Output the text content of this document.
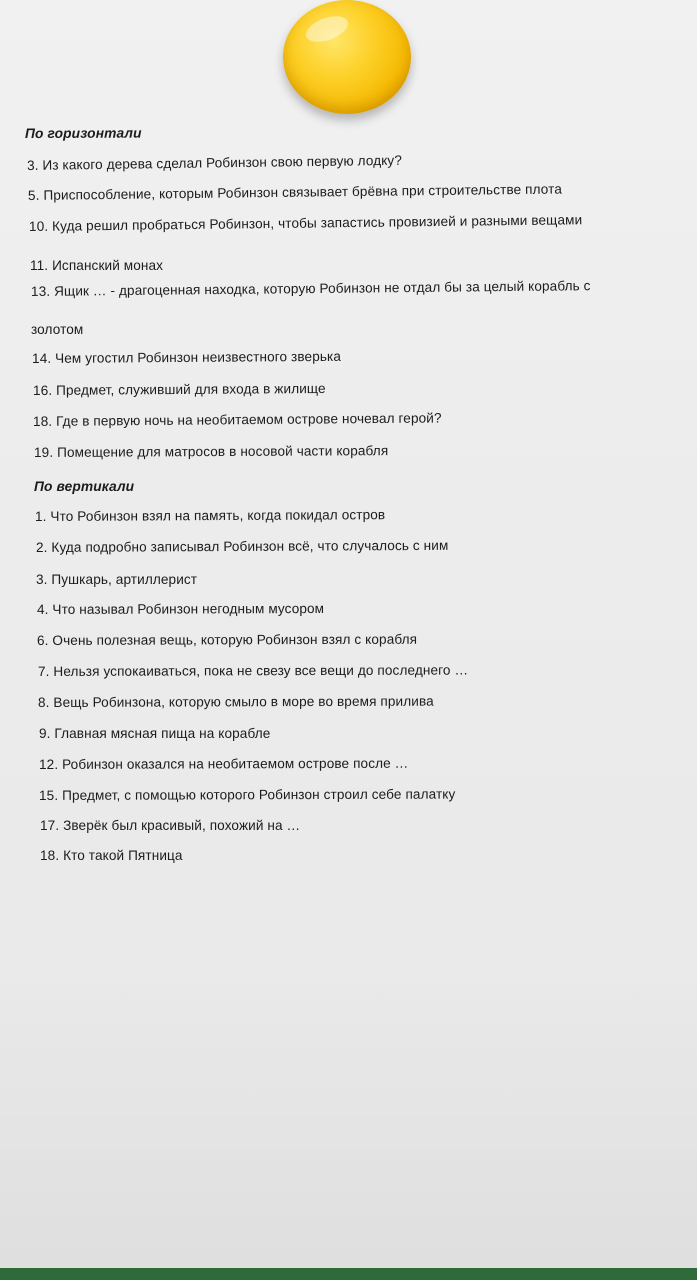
По горизонтали
3. Из какого дерева сделал Робинзон свою первую лодку?
5. Приспособление, которым Робинзон связывает брёвна при строительстве плота
10. Куда решил пробраться Робинзон, чтобы запастись провизией и разными вещами
11. Испанский монах
13. Ящик … - драгоценная находка, которую Робинзон не отдал бы за целый корабль с
золотом
14. Чем угостил Робинзон неизвестного зверька
16. Предмет, служивший для входа в жилище
18. Где в первую ночь на необитаемом острове ночевал герой?
19. Помещение для матросов в носовой части корабля
По вертикали
1. Что Робинзон взял на память, когда покидал остров
2. Куда подробно записывал Робинзон всё, что случалось с ним
3. Пушкарь, артиллерист
4. Что называл Робинзон негодным мусором
6. Очень полезная вещь, которую Робинзон взял с корабля
7. Нельзя успокаиваться, пока не свезу все вещи до последнего …
8. Вещь Робинзона, которую смыло в море во время прилива
9. Главная мясная пища на корабле
12. Робинзон оказался на необитаемом острове после …
15. Предмет, с помощью которого Робинзон строил себе палатку
17. Зверёк был красивый, похожий на …
18. Кто такой Пятница
